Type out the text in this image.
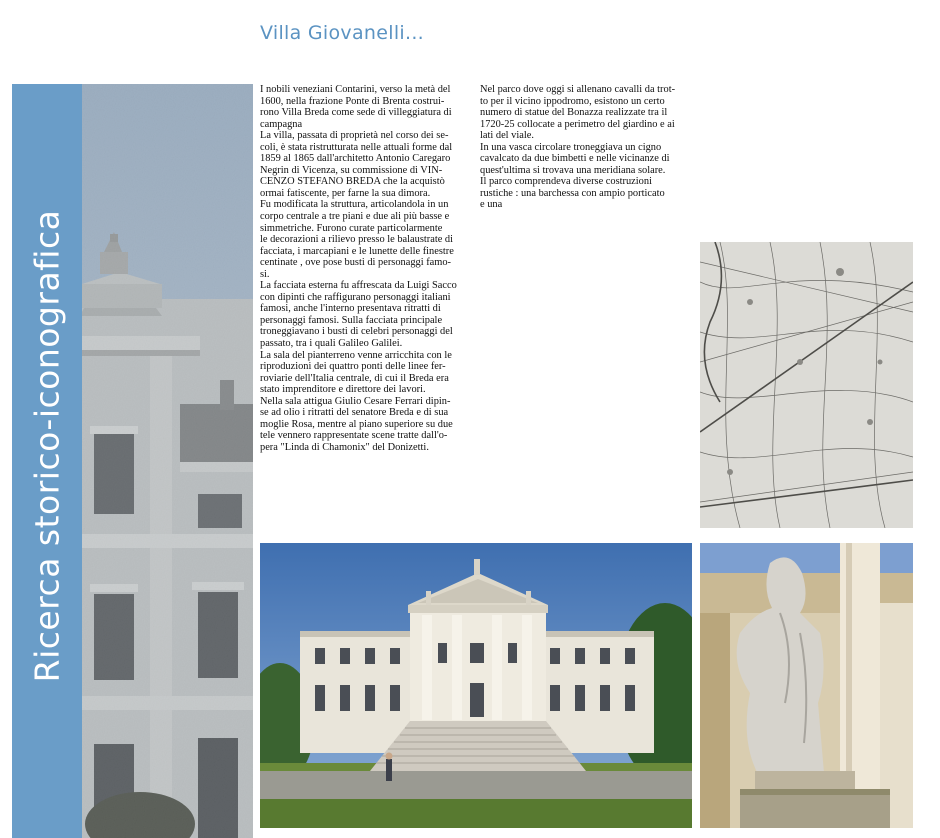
Villa Giovanelli...
Ricerca storico-iconografica

I nobili veneziani Contarini, verso la metà del

1600, nella frazione Ponte di Brenta costrui-

rono Villa Breda come sede di villeggiatura di

campagna

La villa, passata di proprietà nel corso dei se-

coli, è stata ristrutturata nelle attuali forme dal

1859 al 1865 dall'architetto Antonio Caregaro

Negrin di Vicenza, su commissione di VIN-

CENZO STEFANO BREDA che la acquistò

ormai fatiscente, per farne la sua dimora.

Fu modificata la struttura, articolandola in un

corpo centrale a tre piani e due ali più basse e

simmetriche. Furono curate particolarmente

le decorazioni a rilievo presso le balaustrate di

facciata, i marcapiani e le lunette delle finestre

centinate , ove pose busti di personaggi famo-

si.

La facciata esterna fu affrescata da Luigi Sacco

con dipinti che raffigurano personaggi italiani

famosi, anche l'interno presentava ritratti di

personaggi famosi. Sulla facciata principale

troneggiavano i busti di celebri personaggi del

passato, tra i quali Galileo Galilei.

La sala del pianterreno venne arricchita con le

riproduzioni dei quattro ponti delle linee fer-

roviarie dell'Italia centrale, di cui il Breda era

stato imprenditore e direttore dei lavori.

Nella sala attigua Giulio Cesare Ferrari dipin-

se ad olio i ritratti del senatore Breda e di sua

moglie Rosa, mentre al piano superiore su due

tele vennero rappresentate scene tratte dall'o-

pera "Linda di Chamonix" del Donizetti.

Nel parco dove oggi si allenano cavalli da trot-

to per il vicino ippodromo, esistono un certo

numero di statue del Bonazza realizzate tra il

1720-25 collocate a perimetro del giardino e ai

lati del viale.

In una vasca circolare troneggiava un cigno

cavalcato da due bimbetti e nelle vicinanze di

quest'ultima si trovava una meridiana solare.

Il parco comprendeva diverse costruzioni

rustiche : una barchessa con ampio porticato

e una
